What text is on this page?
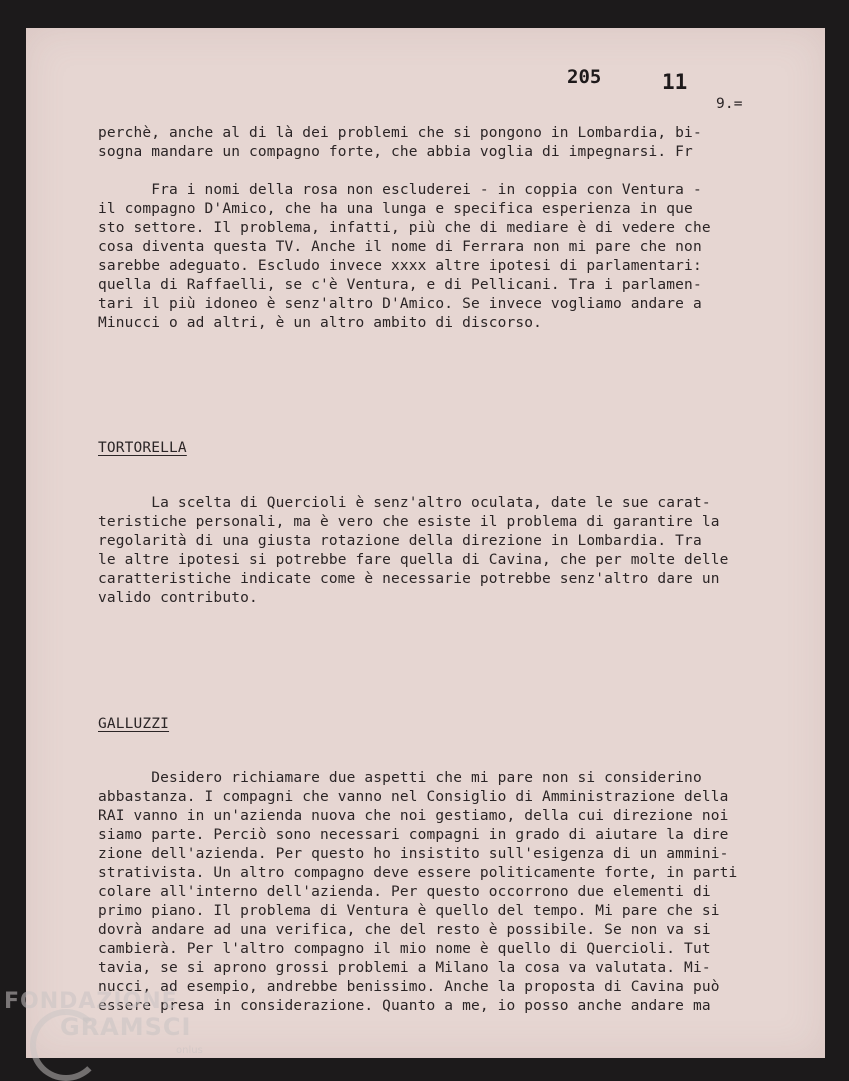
205	11
9.=
perchè, anche al di là dei problemi che si pongono in Lombardia, bi-
sogna mandare un compagno forte, che abbia voglia di impegnarsi. Fr
Fra i nomi della rosa non escluderei - in coppia con Ventura -
il compagno D'Amico, che ha una lunga e specifica esperienza in que
sto settore. Il problema, infatti, più che di mediare è di vedere che
cosa diventa questa TV. Anche il nome di Ferrara non mi pare che non
sarebbe adeguato. Escludo invece xxxx altre ipotesi di parlamentari:
quella di Raffaelli, se c'è Ventura, e di Pellicani. Tra i parlamen-
tari il più idoneo è senz'altro D'Amico. Se invece vogliamo andare a
Minucci o ad altri, è un altro ambito di discorso.
TORTORELLA
La scelta di Quercioli è senz'altro oculata, date le sue carat-
teristiche personali, ma è vero che esiste il problema di garantire la
regolarità di una giusta rotazione della direzione in Lombardia. Tra
le altre ipotesi si potrebbe fare quella di Cavina, che per molte delle
caratteristiche indicate come è necessarie potrebbe senz'altro dare un
valido contributo.
GALLUZZI
Desidero richiamare due aspetti che mi pare non si considerino
abbastanza. I compagni che vanno nel Consiglio di Amministrazione della
RAI vanno in un'azienda nuova che noi gestiamo, della cui direzione noi
siamo parte. Perciò sono necessari compagni in grado di aiutare la dire
zione dell'azienda. Per questo ho insistito sull'esigenza di un ammini-
strativista. Un altro compagno deve essere politicamente forte, in parti
colare all'interno dell'azienda. Per questo occorrono due elementi di
primo piano. Il problema di Ventura è quello del tempo. Mi pare che si
dovrà andare ad una verifica, che del resto è possibile. Se non va si
cambierà. Per l'altro compagno il mio nome è quello di Quercioli. Tut
tavia, se si aprono grossi problemi a Milano la cosa va valutata. Mi-
nucci, ad esempio, andrebbe benissimo. Anche la proposta di Cavina può
essere presa in considerazione. Quanto a me, io posso anche andare ma
FONDAZIONE
GRAMSCI
onlus
